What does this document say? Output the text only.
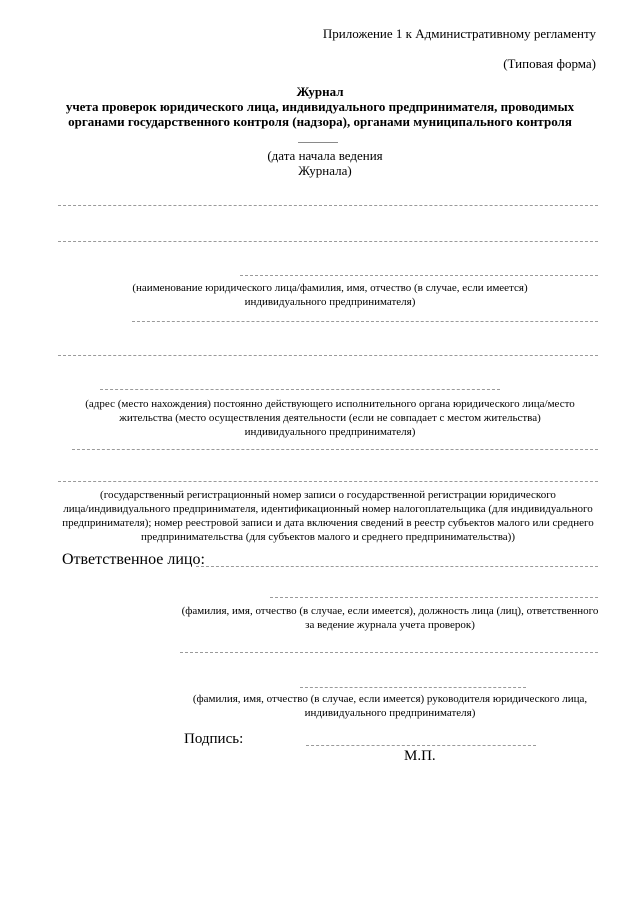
Приложение 1 к Административному регламенту
(Типовая форма)
Журнал
учета проверок юридического лица, индивидуального предпринимателя, проводимых
органами государственного контроля (надзора), органами муниципального контроля
(дата начала ведения
Журнала)
(наименование юридического лица/фамилия, имя, отчество (в случае, если имеется)
индивидуального предпринимателя)
(адрес (место нахождения) постоянно действующего исполнительного органа юридического лица/место
жительства (место осуществления деятельности (если не совпадает с местом жительства)
индивидуального предпринимателя)
(государственный регистрационный номер записи о государственной регистрации юридического
лица/индивидуального предпринимателя, идентификационный номер налогоплательщика (для индивидуального
предпринимателя); номер реестровой записи и дата включения сведений в реестр субъектов малого или среднего
предпринимательства (для субъектов малого и среднего предпринимательства))
Ответственное лицо:
(фамилия, имя, отчество (в случае, если имеется), должность лица (лиц), ответственного
за ведение журнала учета проверок)
(фамилия, имя, отчество (в случае, если имеется) руководителя юридического лица,
индивидуального предпринимателя)
Подпись:
М.П.
